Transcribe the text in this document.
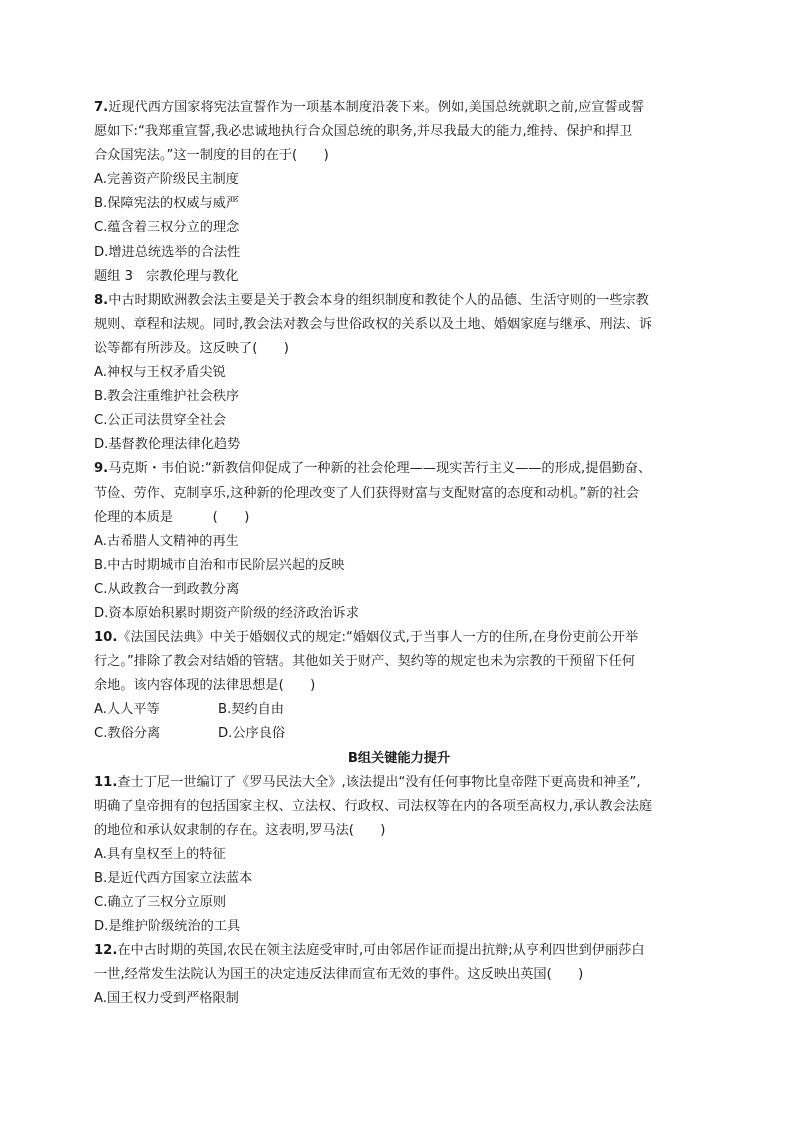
7.近现代西方国家将宪法宣誓作为一项基本制度沿袭下来。例如,美国总统就职之前,应宣誓或誓
愿如下:“我郑重宣誓,我必忠诚地执行合众国总统的职务,并尽我最大的能力,维持、保护和捍卫
合众国宪法。”这一制度的目的在于(　　)
A.完善资产阶级民主制度
B.保障宪法的权威与威严
C.蕴含着三权分立的理念
D.增进总统选举的合法性
题组 3　宗教伦理与教化
8.中古时期欧洲教会法主要是关于教会本身的组织制度和教徒个人的品德、生活守则的一些宗教
规则、章程和法规。同时,教会法对教会与世俗政权的关系以及土地、婚姻家庭与继承、刑法、诉
讼等都有所涉及。这反映了(　　)
A.神权与王权矛盾尖锐
B.教会注重维护社会秩序
C.公正司法贯穿全社会
D.基督教伦理法律化趋势
9.马克斯・韦伯说:“新教信仰促成了一种新的社会伦理——现实苦行主义——的形成,提倡勤奋、
节俭、劳作、克制享乐,这种新的伦理改变了人们获得财富与支配财富的态度和动机。”新的社会
伦理的本质是　　　(　　)
A.古希腊人文精神的再生
B.中古时期城市自治和市民阶层兴起的反映
C.从政教合一到政教分离
D.资本原始积累时期资产阶级的经济政治诉求
10.《法国民法典》中关于婚姻仪式的规定:“婚姻仪式,于当事人一方的住所,在身份吏前公开举
行之。”排除了教会对结婚的管辖。其他如关于财产、契约等的规定也未为宗教的干预留下任何
余地。该内容体现的法律思想是(　　)
A.人人平等	B.契约自由
C.教俗分离	D.公序良俗
B组关键能力提升
11.查士丁尼一世编订了《罗马民法大全》,该法提出“没有任何事物比皇帝陛下更高贵和神圣”,
明确了皇帝拥有的包括国家主权、立法权、行政权、司法权等在内的各项至高权力,承认教会法庭
的地位和承认奴隶制的存在。这表明,罗马法(　　)
A.具有皇权至上的特征
B.是近代西方国家立法蓝本
C.确立了三权分立原则
D.是维护阶级统治的工具
12.在中古时期的英国,农民在领主法庭受审时,可由邻居作证而提出抗辩;从亨利四世到伊丽莎白
一世,经常发生法院认为国王的决定违反法律而宣布无效的事件。这反映出英国(　　)
A.国王权力受到严格限制
